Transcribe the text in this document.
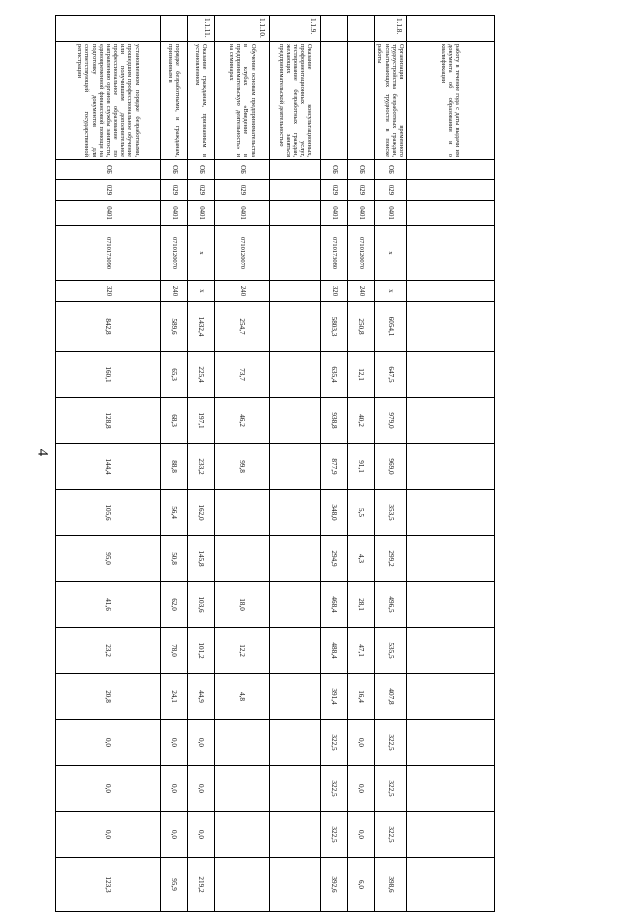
4
	работу в течение года с даты выдачи им документа об образовании и о квалификации																		
1.1.8.	Организация временного трудоустройства безработных граждан, испытывающих трудности в поиске работы	ОБ	029	0401	х	х	6054,1	647,5	979,0	969,0	353,5	299,2	496,5	535,5	407,8	322,5	322,5	322,5	398,6
		ОБ	029	0401	0710120070	240	250,8	12,1	40,2	91,1	5,5	4,3	28,1	47,1	16,4	0,0	0,0	0,0	6,0
		ОБ	029	0401	0710173080	320	5803,3	635,4	938,8	877,9	348,0	294,9	468,4	488,4	391,4	322,5	322,5	322,5	392,6
1.1.9.	Оказание консультационных, профориентационных услуг, тестирование безработных граждан, желающих заняться предпринимательской деятельностью																		
1.1.10.	Обучение основам предпринимательства в клубах «Введение в предпринимательскую деятельность» и на семинарах	ОБ	029	0401	0710120070	240	254,7	73,7	46,2	99,8			18,0	12,2	4,8				
1.1.11.	Оказание гражданам, признанным в установленном	ОБ	029	0401	х	х	1432,4	225,4	197,1	233,2	162,0	145,8	103,6	101,2	44,9	0,0	0,0	0,0	219,2
	порядке безработными, и гражданам, признанным в	ОБ	029	0401	0710120070	240	589,6	65,3	68,3	88,8	56,4	50,8	62,0	78,0	24,1	0,0	0,0	0,0	95,9
	установленном порядке безработными, прошедшим профессиональное обучение или получившим дополнительное профессиональное образование по направлению органов службы занятости, единовременной финансовой помощи на подготовку документов для соответствующей государственной регистрации	ОБ	029	0401	0710173090	320	842,8	160,1	128,8	144,4	105,6	95,0	41,6	23,2	20,8	0,0	0,0	0,0	123,3
